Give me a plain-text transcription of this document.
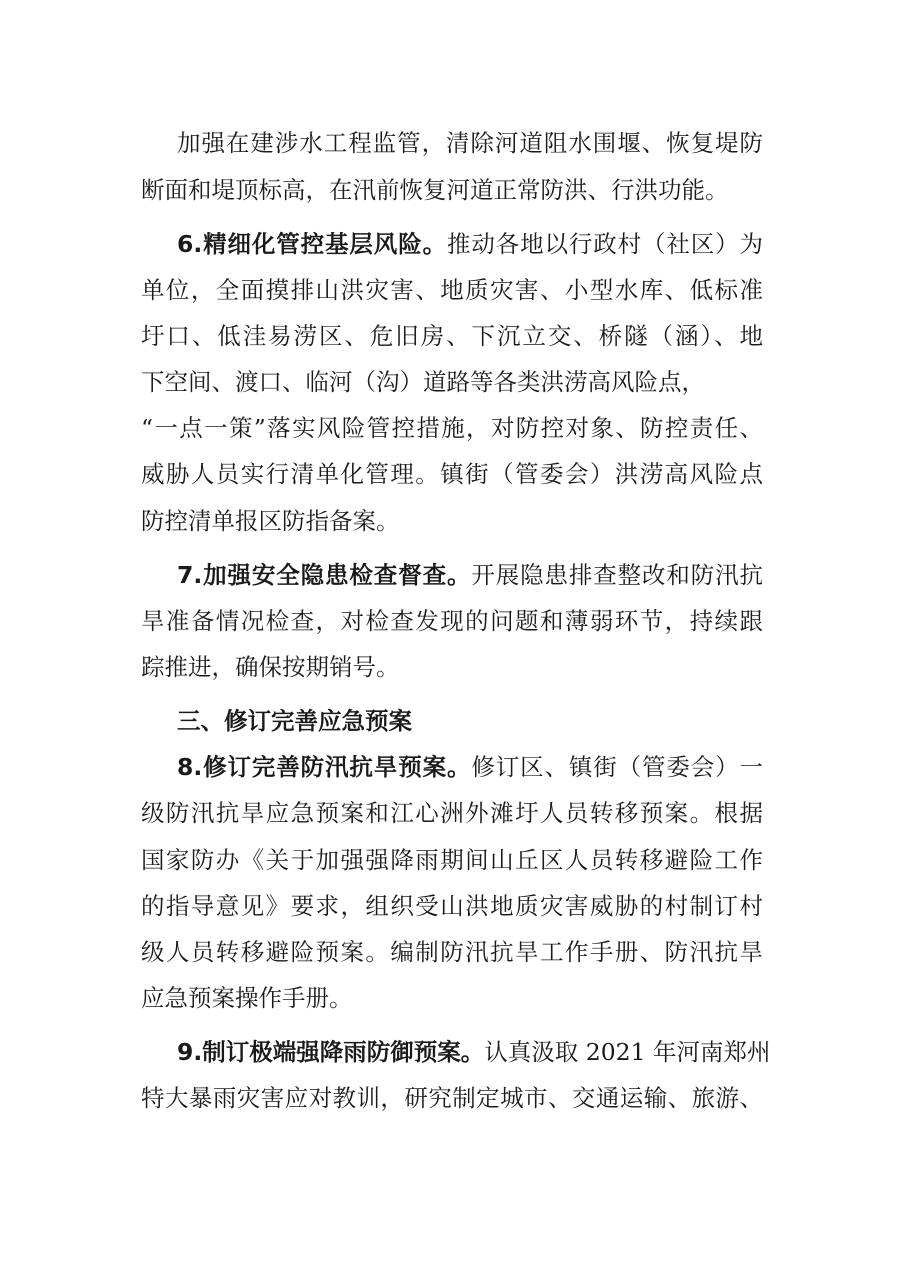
加强在建涉水工程监管，清除河道阻水围堰、恢复堤防
断面和堤顶标高，在汛前恢复河道正常防洪、行洪功能。
6.精细化管控基层风险。推动各地以行政村（社区）为
单位，全面摸排山洪灾害、地质灾害、小型水库、低标准
圩口、低洼易涝区、危旧房、下沉立交、桥隧（涵）、地
下空间、渡口、临河（沟）道路等各类洪涝高风险点，
“一点一策”落实风险管控措施，对防控对象、防控责任、
威胁人员实行清单化管理。镇街（管委会）洪涝高风险点
防控清单报区防指备案。
7.加强安全隐患检查督查。开展隐患排查整改和防汛抗
旱准备情况检查，对检查发现的问题和薄弱环节，持续跟
踪推进，确保按期销号。
三、修订完善应急预案
8.修订完善防汛抗旱预案。修订区、镇街（管委会）一
级防汛抗旱应急预案和江心洲外滩圩人员转移预案。根据
国家防办《关于加强强降雨期间山丘区人员转移避险工作
的指导意见》要求，组织受山洪地质灾害威胁的村制订村
级人员转移避险预案。编制防汛抗旱工作手册、防汛抗旱
应急预案操作手册。
9.制订极端强降雨防御预案。认真汲取 2021 年河南郑州
特大暴雨灾害应对教训，研究制定城市、交通运输、旅游、
